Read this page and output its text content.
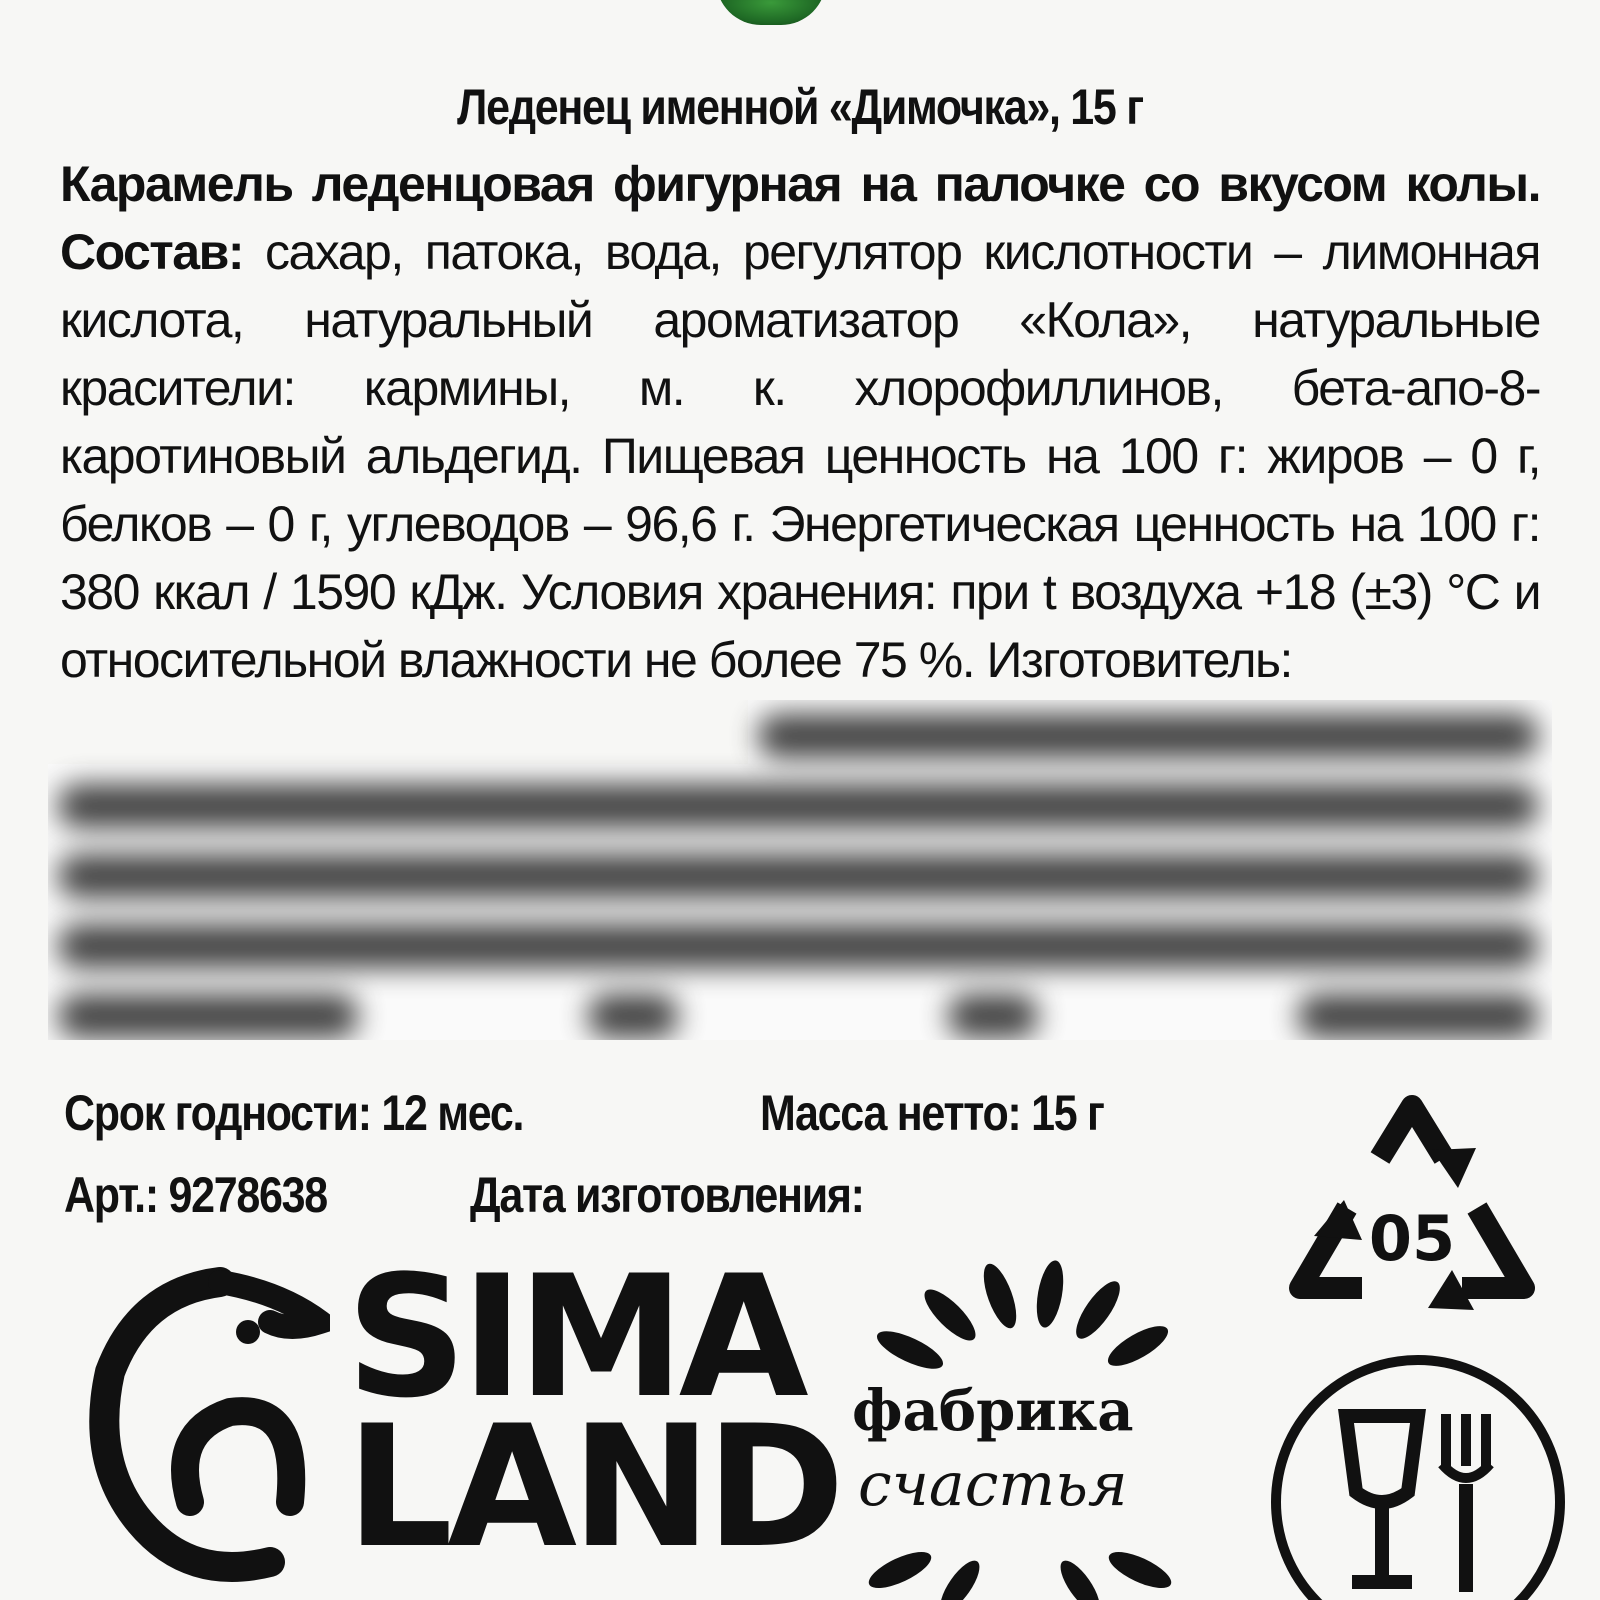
Леденец именной «Димочка», 15 г
Карамель леденцовая фигурная на палочке со вкусом колы. Состав: сахар, патока, вода, регулятор кислотности – лимонная кислота, натуральный ароматизатор «Кола», натуральные красители: кармины, м. к. хлорофиллинов, бета-апо-8-каротиновый альдегид. Пищевая ценность на 100 г: жиров – 0 г, белков – 0 г, углеводов – 96,6 г. Энергетическая ценность на 100 г: 380 ккал / 1590 кДж. Условия хранения: при t воздуха +18 (±3) °С и относительной влажности не более 75 %. Изготовитель:
Срок годности: 12 мес.	Масса нетто: 15 г
Арт.: 9278638	Дата изготовления:
05
SIMA
LAND фабрика
счастья
